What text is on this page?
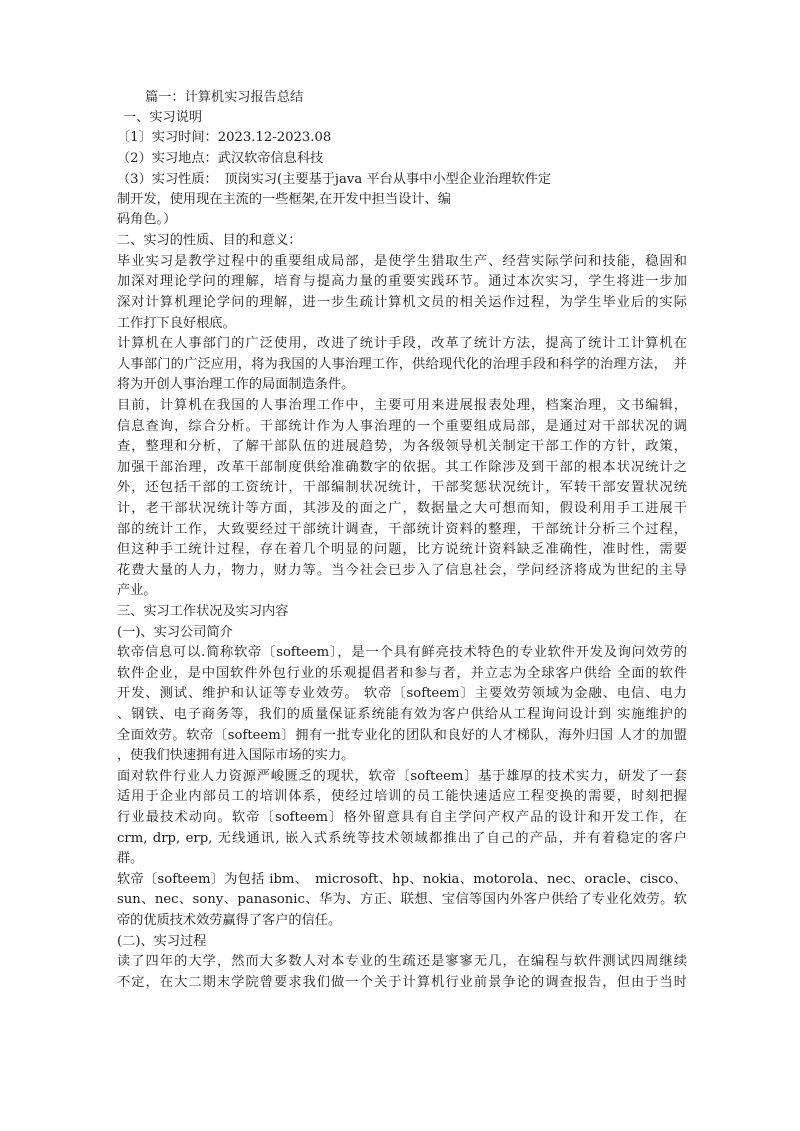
篇一：计算机实习报告总结
一、实习说明
〔1〕实习时间：2023.12-2023.08
（2）实习地点：武汉软帝信息科技
（3）实习性质：　顶岗实习(主要基于java 平台从事中小型企业治理软件定
制开发，使用现在主流的一些框架,在开发中担当设计、编
码角色。）
二、实习的性质、目的和意义：
毕业实习是教学过程中的重要组成局部，是使学生猎取生产、经营实际学问和技能，稳固和
加深对理论学问的理解，培育与提高力量的重要实践环节。通过本次实习，学生将进一步加
深对计算机理论学问的理解，进一步生疏计算机文员的相关运作过程，为学生毕业后的实际
工作打下良好根底。
计算机在人事部门的广泛使用，改进了统计手段，改革了统计方法，提高了统计工计算机在
人事部门的广泛应用，将为我国的人事治理工作，供给现代化的治理手段和科学的治理方法，　并
将为开创人事治理工作的局面制造条件。
目前，计算机在我国的人事治理工作中，主要可用来进展报表处理，档案治理，文书编辑，
信息查询，综合分析。干部统计作为人事治理的一个重要组成局部，是通过对干部状况的调
查，整理和分析，了解干部队伍的进展趋势，为各级领导机关制定干部工作的方针，政策，
加强干部治理，改革干部制度供给准确数字的依据。其工作除涉及到干部的根本状况统计之
外，还包括干部的工资统计，干部编制状况统计，干部奖惩状况统计，军转干部安置状况统
计，老干部状况统计等方面，其涉及的面之广，数据量之大可想而知，假设利用手工进展干
部的统计工作，大致要经过干部统计调查，干部统计资料的整理，干部统计分析三个过程，
但这种手工统计过程，存在着几个明显的问题，比方说统计资料缺乏准确性，准时性，需要
花费大量的人力，物力，财力等。当今社会已步入了信息社会，学问经济将成为世纪的主导
产业。
三、实习工作状况及实习内容
(一)、实习公司简介
软帝信息可以.简称软帝〔softeem〕，是一个具有鲜亮技术特色的专业软件开发及询问效劳的
软件企业，是中国软件外包行业的乐观提倡者和参与者，并立志为全球客户供给 全面的软件
开发、测试、维护和认证等专业效劳。 软帝〔softeem〕主要效劳领域为金融、电信、电力
、钢铁、电子商务等，我们的质量保证系统能有效为客户供给从工程询问设计到 实施维护的
全面效劳。软帝〔softeem〕拥有一批专业化的团队和良好的人才梯队，海外归国 人才的加盟
，使我们快速拥有进入国际市场的实力。
面对软件行业人力资源严峻匮乏的现状，软帝〔softeem〕基于雄厚的技术实力，研发了一套
适用于企业内部员工的培训体系，使经过培训的员工能快速适应工程变换的需要，时刻把握
行业最技术动向。软帝〔softeem〕格外留意具有自主学问产权产品的设计和开发工作，在
crm, drp, erp, 无线通讯, 嵌入式系统等技术领域都推出了自己的产品，并有着稳定的客户
群。
软帝〔softeem〕为包括 ibm、　microsoft、hp、nokia、motorola、nec、oracle、cisco、
sun、nec、sony、panasonic、华为、方正、联想、宝信等国内外客户供给了专业化效劳。软
帝的优质技术效劳赢得了客户的信任。
(二)、实习过程
读了四年的大学，然而大多数人对本专业的生疏还是寥寥无几，在编程与软件测试四周继续
不定，在大二期末学院曾要求我们做一个关于计算机行业前景争论的调查报告，但由于当时
